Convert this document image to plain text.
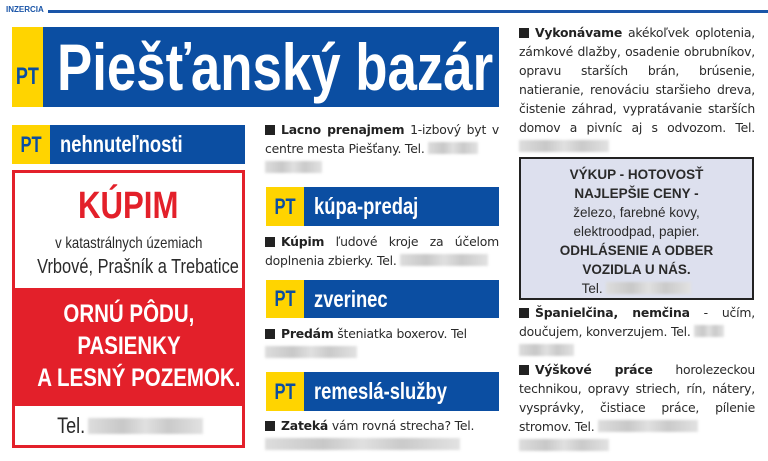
INZERCIA
PT Piešťanský bazár
PT nehnuteľnosti
KÚPIM
v katastrálnych územiach
Vrbové, Prašník a Trebatice
ORNÚ PÔDU,
PASIENKY
A LESNÝ POZEMOK.
Tel.
Lacno prenajmem 1-izbový byt v centre mesta Piešťany. Tel.

PT kúpa-predaj
Kúpim ľudové kroje za účelom doplnenia zbierky. Tel.
PT zverinec
Predám šteniatka boxerov. Tel

PT remeslá-služby
Zateká vám rovná strecha? Tel.

Vykonávame akékoľvek oplotenia, zámkové dlažby, osadenie obrubníkov, opravu starších brán, brúsenie, natieranie, renováciu staršieho dreva, čistenie záhrad, vypratávanie starších domov a pivníc aj s odvozom. Tel.
VÝKUP - HOTOVOSŤ
NAJLEPŠIE CENY -
železo, farebné kovy,
elektroodpad, papier.
ODHLÁSENIE A ODBER
VOZIDLA U NÁS.
Tel.
Španielčina, nemčina - učím, doučujem, konverzujem. Tel.

Výškové práce horolezeckou technikou, opravy striech, rín, nátery, vysprávky, čistiace práce, pílenie stromov. Tel.
